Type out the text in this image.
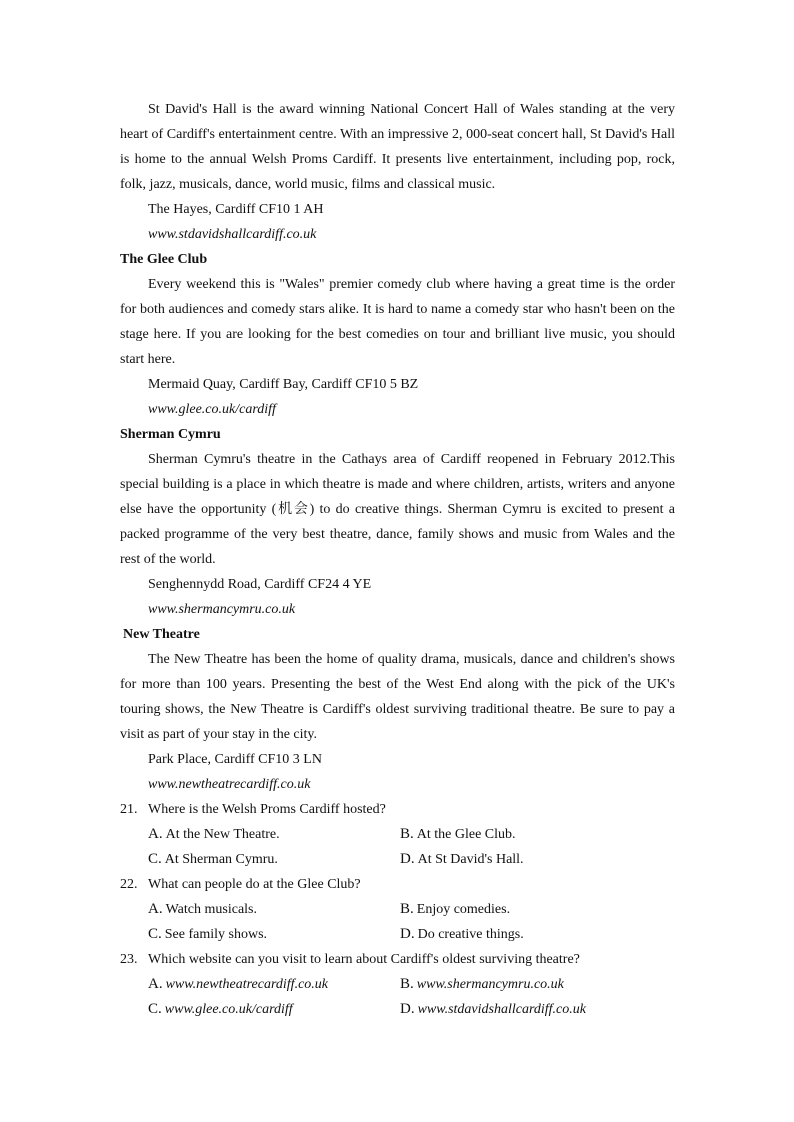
St David's Hall is the award winning National Concert Hall of Wales standing at the very heart of Cardiff's entertainment centre. With an impressive 2, 000-seat concert hall, St David's Hall is home to the annual Welsh Proms Cardiff. It presents live entertainment, including pop, rock, folk, jazz, musicals, dance, world music, films and classical music.

The Hayes, Cardiff CF10 1 AH

www.stdavidshallcardiff.co.uk

The Glee Club

Every weekend this is "Wales" premier comedy club where having a great time is the order for both audiences and comedy stars alike. It is hard to name a comedy star who hasn't been on the stage here. If you are looking for the best comedies on tour and brilliant live music, you should start here.

Mermaid Quay, Cardiff Bay, Cardiff CF10 5 BZ

www.glee.co.uk/cardiff

Sherman Cymru

Sherman Cymru's theatre in the Cathays area of Cardiff reopened in February 2012.This special building is a place in which theatre is made and where children, artists, writers and anyone else have the opportunity (机会) to do creative things. Sherman Cymru is excited to present a packed programme of the very best theatre, dance, family shows and music from Wales and the rest of the world.

Senghennydd Road, Cardiff CF24 4 YE

www.shermancymru.co.uk

New Theatre

The New Theatre has been the home of quality drama, musicals, dance and children's shows for more than 100 years. Presenting the best of the West End along with the pick of the UK's touring shows, the New Theatre is Cardiff's oldest surviving traditional theatre. Be sure to pay a visit as part of your stay in the city.

Park Place, Cardiff CF10 3 LN

www.newtheatrecardiff.co.uk

21. Where is the Welsh Proms Cardiff hosted?
A. At the New Theatre.	B. At the Glee Club.
C. At Sherman Cymru.	D. At St David's Hall.
22. What can people do at the Glee Club?
A. Watch musicals.	B. Enjoy comedies.
C. See family shows.	D. Do creative things.
23. Which website can you visit to learn about Cardiff's oldest surviving theatre?
A. www.newtheatrecardiff.co.uk	B. www.shermancymru.co.uk
C. www.glee.co.uk/cardiff	D. www.stdavidshallcardiff.co.uk
